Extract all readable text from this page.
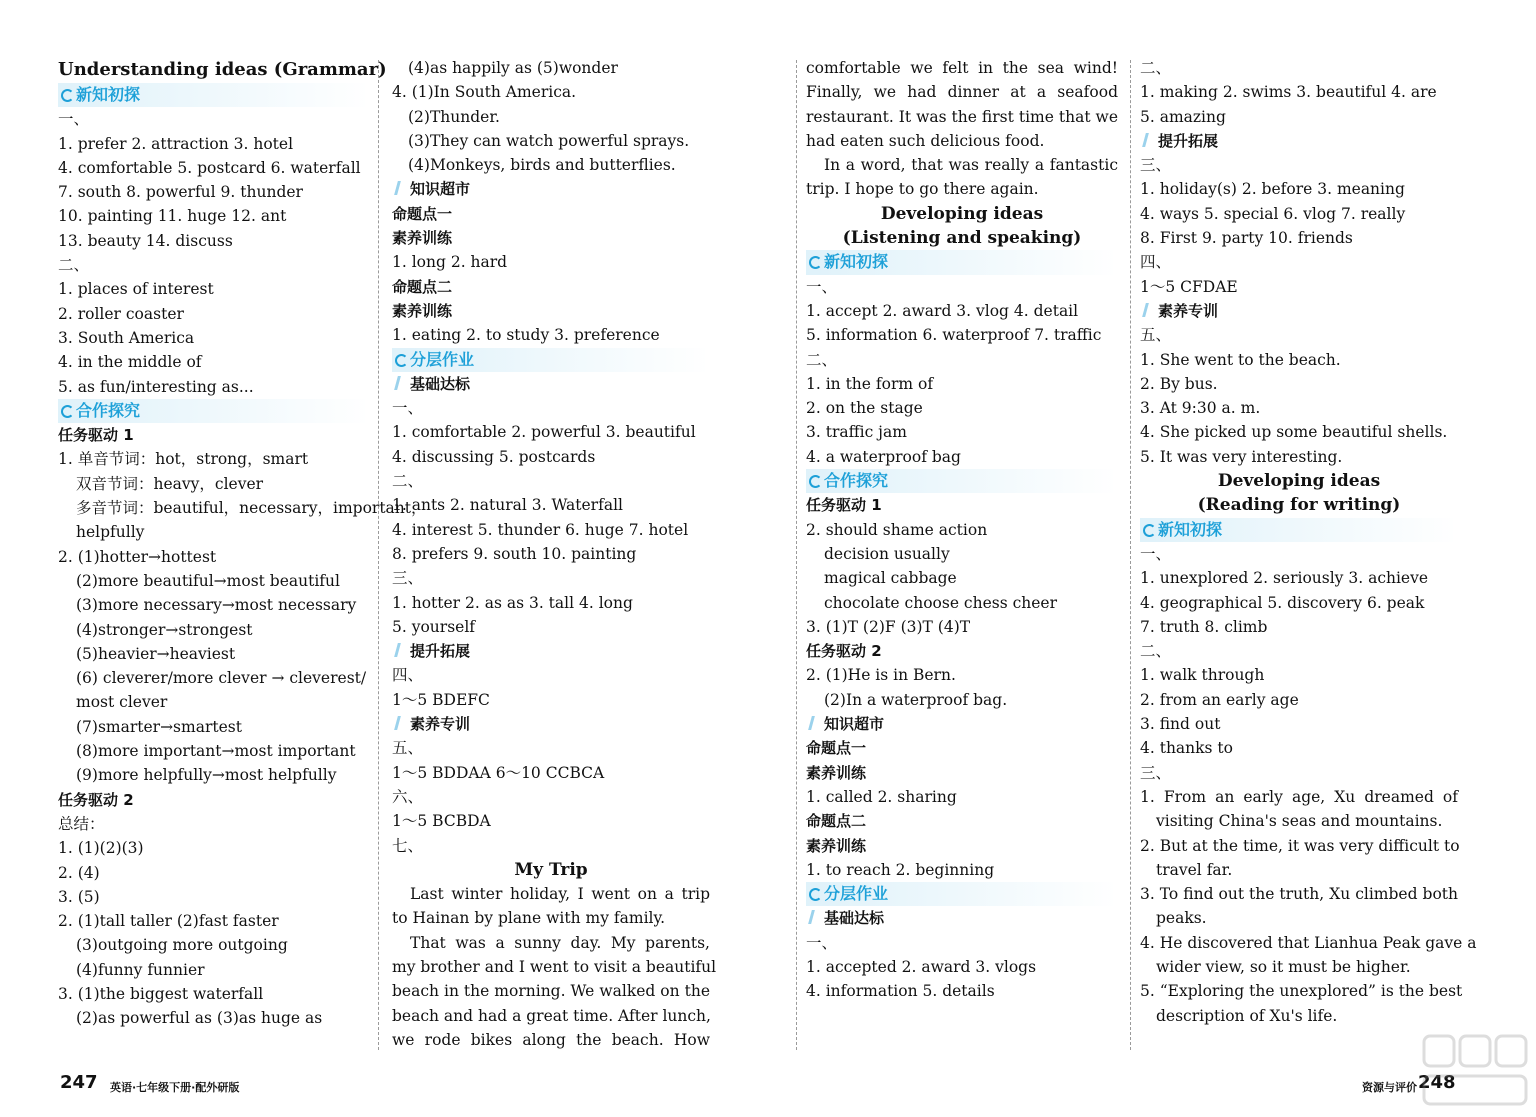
Understanding ideas (Grammar)
新知初探
一、
1. prefer 2. attraction 3. hotel
4. comfortable 5. postcard 6. waterfall
7. south 8. powerful 9. thunder
10. painting 11. huge 12. ant
13. beauty 14. discuss
二、
1. places of interest
2. roller coaster
3. South America
4. in the middle of
5. as fun/interesting as...
合作探究
任务驱动 1
1. 单音节词：hot，strong，smart
双音节词：heavy，clever
多音节词：beautiful，necessary，important，
helpfully
2. (1)hotter→hottest
(2)more beautiful→most beautiful
(3)more necessary→most necessary
(4)stronger→strongest
(5)heavier→heaviest
(6) cleverer/more clever → cleverest/
most clever
(7)smarter→smartest
(8)more important→most important
(9)more helpfully→most helpfully
任务驱动 2
总结：
1. (1)(2)(3)
2. (4)
3. (5)
2. (1)tall taller (2)fast faster
(3)outgoing more outgoing
(4)funny funnier
3. (1)the biggest waterfall
(2)as powerful as (3)as huge as
(4)as happily as (5)wonder
4. (1)In South America.
(2)Thunder.
(3)They can watch powerful sprays.
(4)Monkeys, birds and butterflies.
知识超市
命题点一
素养训练
1. long 2. hard
命题点二
素养训练
1. eating 2. to study 3. preference
分层作业
基础达标
一、
1. comfortable 2. powerful 3. beautiful
4. discussing 5. postcards
二、
1. ants 2. natural 3. Waterfall
4. interest 5. thunder 6. huge 7. hotel
8. prefers 9. south 10. painting
三、
1. hotter 2. as as 3. tall 4. long
5. yourself
提升拓展
四、
1～5 BDEFC
素养专训
五、
1～5 BDDAA 6～10 CCBCA
六、
1～5 BCBDA
七、
My Trip
Last winter holiday, I went on a trip
to Hainan by plane with my family.
That was a sunny day. My parents,
my brother and I went to visit a beautiful
beach in the morning. We walked on the
beach and had a great time. After lunch,
we rode bikes along the beach. How
comfortable we felt in the sea wind!
Finally, we had dinner at a seafood
restaurant. It was the first time that we
had eaten such delicious food.
In a word, that was really a fantastic
trip. I hope to go there again.
Developing ideas
(Listening and speaking)
新知初探
一、
1. accept 2. award 3. vlog 4. detail
5. information 6. waterproof 7. traffic
二、
1. in the form of
2. on the stage
3. traffic jam
4. a waterproof bag
合作探究
任务驱动 1
2. should shame action
decision usually
magical cabbage
chocolate choose chess cheer
3. (1)T (2)F (3)T (4)T
任务驱动 2
2. (1)He is in Bern.
(2)In a waterproof bag.
知识超市
命题点一
素养训练
1. called 2. sharing
命题点二
素养训练
1. to reach 2. beginning
分层作业
基础达标
一、
1. accepted 2. award 3. vlogs
4. information 5. details
二、
1. making 2. swims 3. beautiful 4. are
5. amazing
提升拓展
三、
1. holiday(s) 2. before 3. meaning
4. ways 5. special 6. vlog 7. really
8. First 9. party 10. friends
四、
1～5 CFDAE
素养专训
五、
1. She went to the beach.
2. By bus.
3. At 9:30 a. m.
4. She picked up some beautiful shells.
5. It was very interesting.
Developing ideas
(Reading for writing)
新知初探
一、
1. unexplored 2. seriously 3. achieve
4. geographical 5. discovery 6. peak
7. truth 8. climb
二、
1. walk through
2. from an early age
3. find out
4. thanks to
三、
1. From an early age, Xu dreamed of
visiting China's seas and mountains.
2. But at the time, it was very difficult to
travel far.
3. To find out the truth, Xu climbed both
peaks.
4. He discovered that Lianhua Peak gave a
wider view, so it must be higher.
5. “Exploring the unexplored” is the best
description of Xu's life.
247 英语·七年级下册·配外研版	资源与评价 248
